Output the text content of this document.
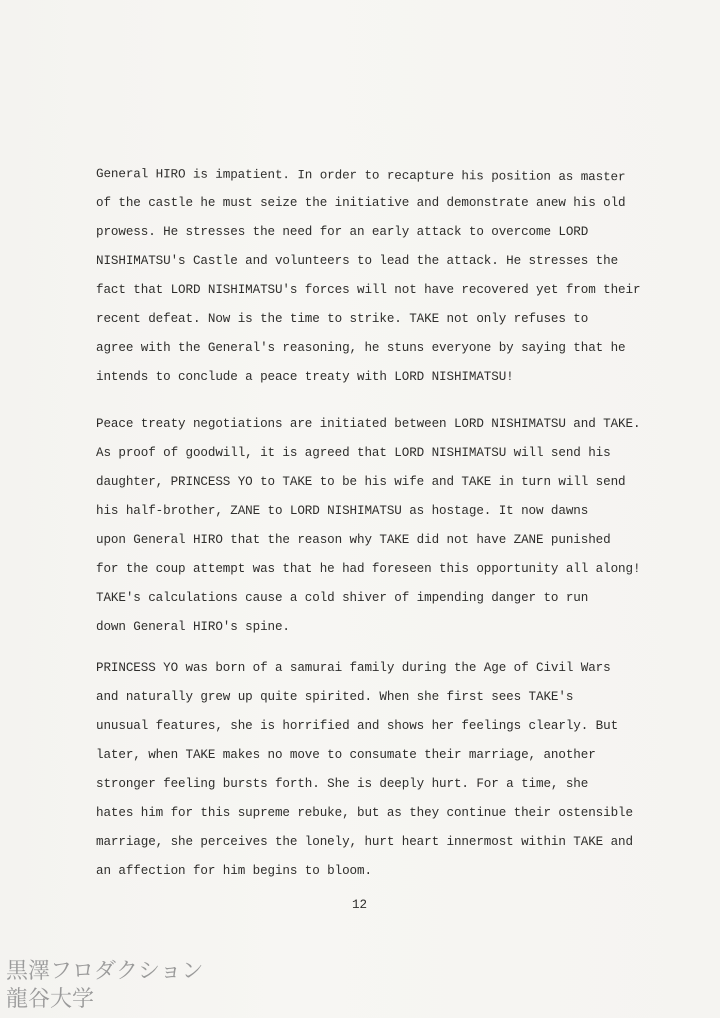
General HIRO is impatient. In order to recapture his position as master
of the castle he must seize the initiative and demonstrate anew his old
prowess. He stresses the need for an early attack to overcome LORD
NISHIMATSU's Castle and volunteers to lead the attack. He stresses the
fact that LORD NISHIMATSU's forces will not have recovered yet from their
recent defeat. Now is the time to strike. TAKE not only refuses to
agree with the General's reasoning, he stuns everyone by saying that he
intends to conclude a peace treaty with LORD NISHIMATSU!
Peace treaty negotiations are initiated between LORD NISHIMATSU and TAKE.
As proof of goodwill, it is agreed that LORD NISHIMATSU will send his
daughter, PRINCESS YO to TAKE to be his wife and TAKE in turn will send
his half-brother, ZANE to LORD NISHIMATSU as hostage. It now dawns
upon General HIRO that the reason why TAKE did not have ZANE punished
for the coup attempt was that he had foreseen this opportunity all along!
TAKE's calculations cause a cold shiver of impending danger to run
down General HIRO's spine.
PRINCESS YO was born of a samurai family during the Age of Civil Wars
and naturally grew up quite spirited. When she first sees TAKE's
unusual features, she is horrified and shows her feelings clearly. But
later, when TAKE makes no move to consumate their marriage, another
stronger feeling bursts forth. She is deeply hurt. For a time, she
hates him for this supreme rebuke, but as they continue their ostensible
marriage, she perceives the lonely, hurt heart innermost within TAKE and
an affection for him begins to bloom.
12
黒澤フロダクション
龍谷大学
